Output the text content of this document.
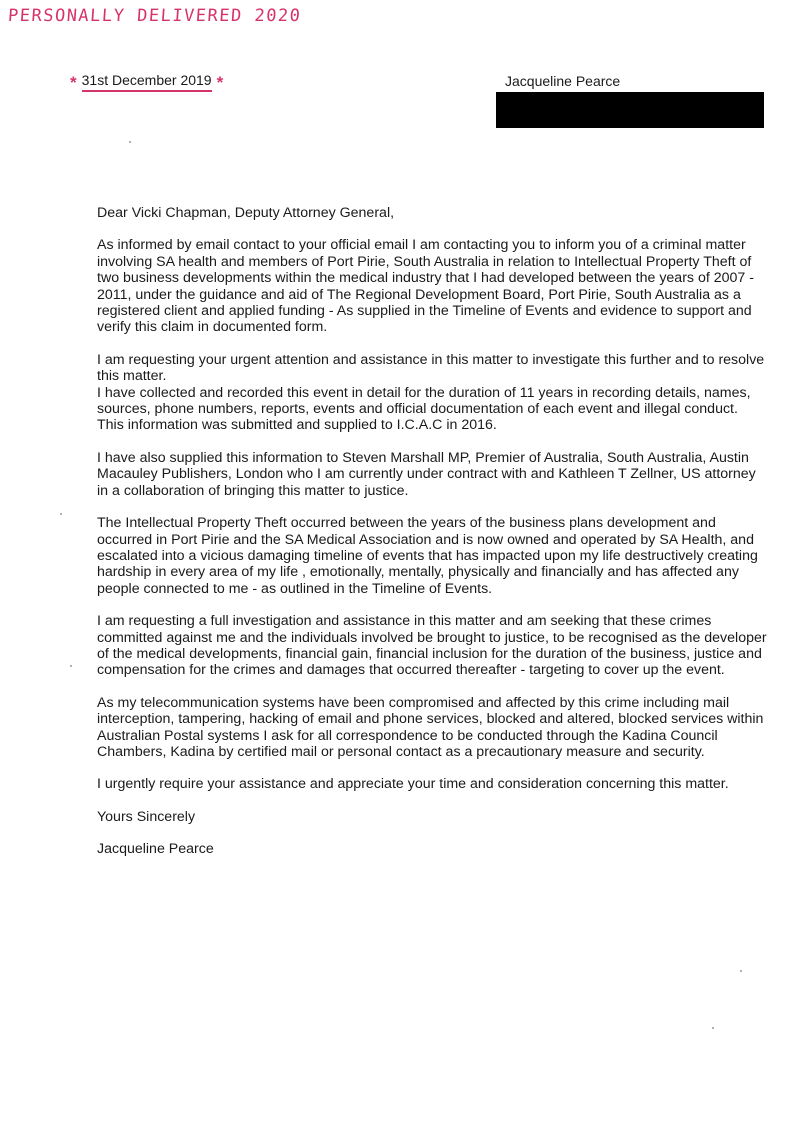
PERSONALLY DELIVERED 2020
* 31st December 2019 *	Jacqueline Pearce

Dear Vicki Chapman, Deputy Attorney General,

As informed by email contact to your official email I am contacting you to inform you of a criminal matter involving SA health and members of Port Pirie, South Australia in relation to Intellectual Property Theft of two business developments within the medical industry that I had developed between the years of 2007 - 2011, under the guidance and aid of The Regional Development Board, Port Pirie, South Australia as a registered client and applied funding - As supplied in the Timeline of Events and evidence to support and verify this claim in documented form.

I am requesting your urgent attention and assistance in this matter to investigate this further and to resolve this matter.

I have collected and recorded this event in detail for the duration of 11 years in recording details, names, sources, phone numbers, reports, events and official documentation of each event and illegal conduct. This information was submitted and supplied to I.C.A.C in 2016.

I have also supplied this information to Steven Marshall MP, Premier of Australia, South Australia, Austin Macauley Publishers, London who I am currently under contract with and Kathleen T Zellner, US attorney in a collaboration of bringing this matter to justice.

The Intellectual Property Theft occurred between the years of the business plans development and occurred in Port Pirie and the SA Medical Association and is now owned and operated by SA Health, and escalated into a vicious damaging timeline of events that has impacted upon my life destructively creating hardship in every area of my life , emotionally, mentally, physically and financially and has affected any people connected to me - as outlined in the Timeline of Events.

I am requesting a full investigation and assistance in this matter and am seeking that these crimes committed against me and the individuals involved be brought to justice, to be recognised as the developer of the medical developments, financial gain, financial inclusion for the duration of the business, justice and compensation for the crimes and damages that occurred thereafter - targeting to cover up the event.

As my telecommunication systems have been compromised and affected by this crime including mail interception, tampering, hacking of email and phone services, blocked and altered, blocked services within Australian Postal systems I ask for all correspondence to be conducted through the Kadina Council Chambers, Kadina by certified mail or personal contact as a precautionary measure and security.

I urgently require your assistance and appreciate your time and consideration concerning this matter.

Yours Sincerely

Jacqueline Pearce
